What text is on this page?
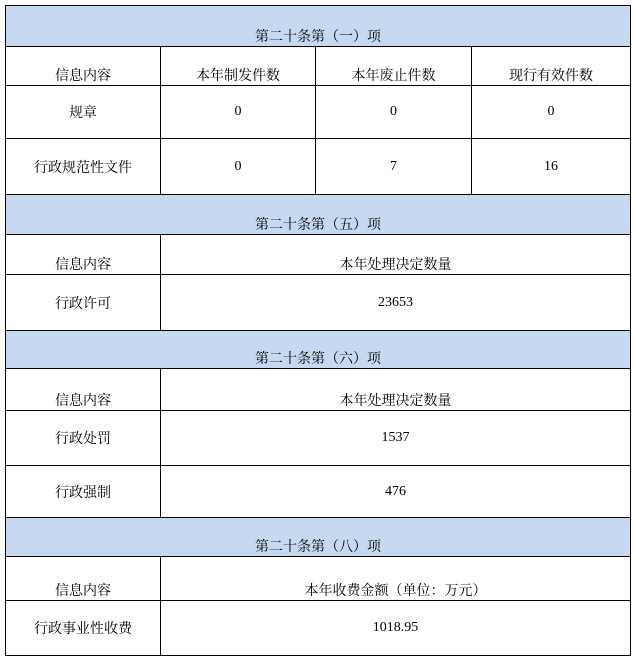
第二十条第（一）项			
信息内容	本年制发件数	本年废止件数	现行有效件数
规章	0	0	0
行政规范性文件	0	7	16
第二十条第（五）项			
信息内容	本年处理决定数量		
行政许可	23653		
第二十条第（六）项			
信息内容	本年处理决定数量		
行政处罚	1537		
行政强制	476		
第二十条第（八）项			
信息内容	本年收费金额（单位：万元）		
行政事业性收费	1018.95		
